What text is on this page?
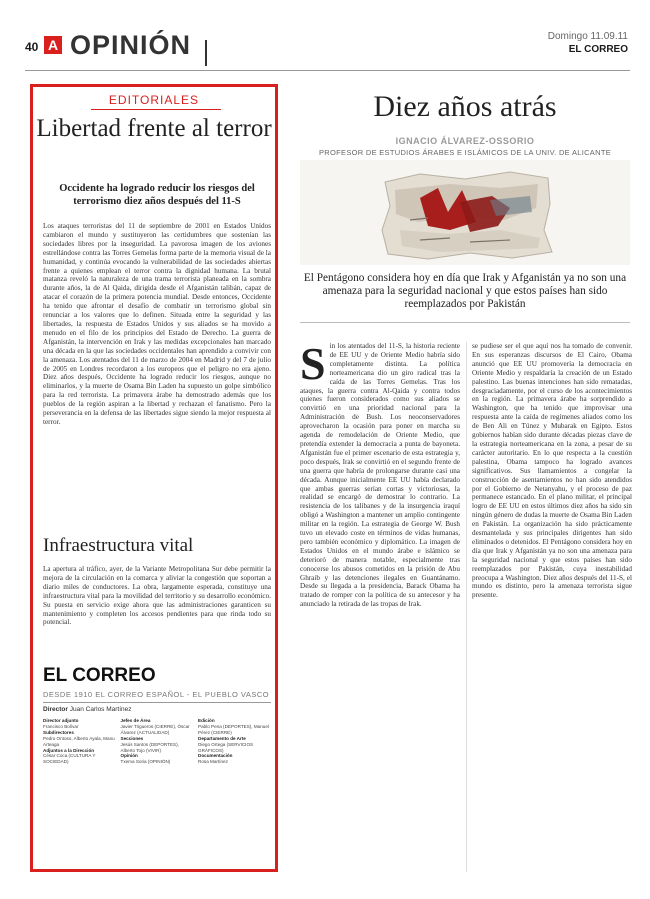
40 A OPINIÓN	Domingo 11.09.11
EL CORREO
EDITORIALES
Libertad frente al terror
Occidente ha logrado reducir los riesgos del terrorismo diez años después del 11-S
Los ataques terroristas del 11 de septiembre de 2001 en Estados Unidos cambiaron el mundo y sustituyeron las certidumbres que sostenían las sociedades libres por la inseguridad. La pavorosa imagen de los aviones estrellándose contra las Torres Gemelas forma parte de la memoria visual de la humanidad, y continúa evocando la vulnerabilidad de las sociedades abiertas frente a quienes emplean el terror contra la dignidad humana. La brutal matanza reveló la naturaleza de una trama terrorista planeada en la sombra durante años, la de Al Qaida, dirigida desde el Afganistán talibán, capaz de atacar el corazón de la primera potencia mundial. Desde entonces, Occidente ha tenido que afrontar el desafío de combatir un terrorismo global sin renunciar a los valores que lo definen. Situada entre la seguridad y las libertades, la respuesta de Estados Unidos y sus aliados se ha movido a menudo en el filo de los principios del Estado de Derecho. La guerra de Afganistán, la intervención en Irak y las medidas excepcionales han marcado una década en la que las sociedades occidentales han aprendido a convivir con la amenaza. Los atentados del 11 de marzo de 2004 en Madrid y del 7 de julio de 2005 en Londres recordaron a los europeos que el peligro no era ajeno. Diez años después, Occidente ha logrado reducir los riesgos, aunque no eliminarlos, y la muerte de Osama Bin Laden ha supuesto un golpe simbólico para la red terrorista. La primavera árabe ha demostrado además que los pueblos de la región aspiran a la libertad y rechazan el fanatismo. Pero la perseverancia en la defensa de las libertades sigue siendo la mejor respuesta al terror.
Infraestructura vital
La apertura al tráfico, ayer, de la Variante Metropolitana Sur debe permitir la mejora de la circulación en la comarca y aliviar la congestión que soportan a diario miles de conductores. La obra, largamente esperada, constituye una infraestructura vital para la movilidad del territorio y su desarrollo económico. Su puesta en servicio exige ahora que las administraciones garanticen su mantenimiento y completen los accesos pendientes para que rinda todo su potencial.
EL CORREO
DESDE 1910 EL CORREO ESPAÑOL - EL PUEBLO VASCO
Director Juan Carlos Martínez
Director adjunto
Francisco Bolívar
Subdirectores
Pedro Ontoso, Alberto Ayala, Manu Arteaga
Adjuntos a la Dirección
César Coca (CULTURA Y SOCIEDAD)
Jefes de Área
Javier Trigueros (CIERRE), Óscar Álvarez (ACTUALIDAD)
Secciones
Jesús Santos (DEPORTES), Alberto Tojo (VIVIR)
Opinión
Txema Soria (OPINIÓN)
Edición
Pablo Pena (DEPORTES), Manuel Pérez (CIERRE)
Departamento de Arte
Diego Ortega (SERVICIOS GRÁFICOS)
Documentación
Rosa Martínez
Diez años atrás
IGNACIO ÁLVAREZ-OSSORIO
PROFESOR DE ESTUDIOS ÁRABES E ISLÁMICOS DE LA UNIV. DE ALICANTE
El Pentágono considera hoy en día que Irak y Afganistán ya no son una amenaza para la seguridad nacional y que estos países han sido reemplazados por Pakistán
S in los atentados del 11-S, la historia reciente de EE UU y de Oriente Medio habría sido completamente distinta. La política norteamericana dio un giro radical tras la caída de las Torres Gemelas. Tras los ataques, la guerra contra Al-Qaida y contra todos quienes fueron considerados como sus aliados se convirtió en una prioridad nacional para la Administración de Bush. Los neoconservadores aprovecharon la ocasión para poner en marcha su agenda de remodelación de Oriente Medio, que pretendía extender la democracia a punta de bayoneta. Afganistán fue el primer escenario de esta estrategia y, poco después, Irak se convirtió en el segundo frente de una guerra que habría de prolongarse durante casi una década. Aunque inicialmente EE UU había declarado que ambas guerras serían cortas y victoriosas, la realidad se encargó de demostrar lo contrario. La resistencia de los talibanes y de la insurgencia iraquí obligó a Washington a mantener un amplio contingente militar en la región. La estrategia de George W. Bush tuvo un elevado coste en términos de vidas humanas, pero también económico y diplomático. La imagen de Estados Unidos en el mundo árabe e islámico se deterioró de manera notable, especialmente tras conocerse los abusos cometidos en la prisión de Abu Ghraib y las detenciones ilegales en Guantánamo. Desde su llegada a la presidencia, Barack Obama ha tratado de romper con la política de su antecesor y ha anunciado la retirada de las tropas de Irak.
se pudiese ser el que aquí nos ha tomado de convenir. En sus esperanzas discursos de El Cairo, Obama anunció que EE UU promovería la democracia en Oriente Medio y respaldaría la creación de un Estado palestino. Las buenas intenciones han sido rematadas, desgraciadamente, por el curso de los acontecimientos en la región. La primavera árabe ha sorprendido a Washington, que ha tenido que improvisar una respuesta ante la caída de regímenes aliados como los de Ben Ali en Túnez y Mubarak en Egipto. Estos gobiernos habían sido durante décadas piezas clave de la estrategia norteamericana en la zona, a pesar de su carácter autoritario. En lo que respecta a la cuestión palestina, Obama tampoco ha logrado avances significativos. Sus llamamientos a congelar la construcción de asentamientos no han sido atendidos por el Gobierno de Netanyahu, y el proceso de paz permanece estancado. En el plano militar, el principal logro de EE UU en estos últimos diez años ha sido sin ningún género de dudas la muerte de Osama Bin Laden en Pakistán. La organización ha sido prácticamente desmantelada y sus principales dirigentes han sido eliminados o detenidos. El Pentágono considera hoy en día que Irak y Afganistán ya no son una amenaza para la seguridad nacional y que estos países han sido reemplazados por Pakistán, cuya inestabilidad preocupa a Washington. Diez años después del 11-S, el mundo es distinto, pero la amenaza terrorista sigue presente.
